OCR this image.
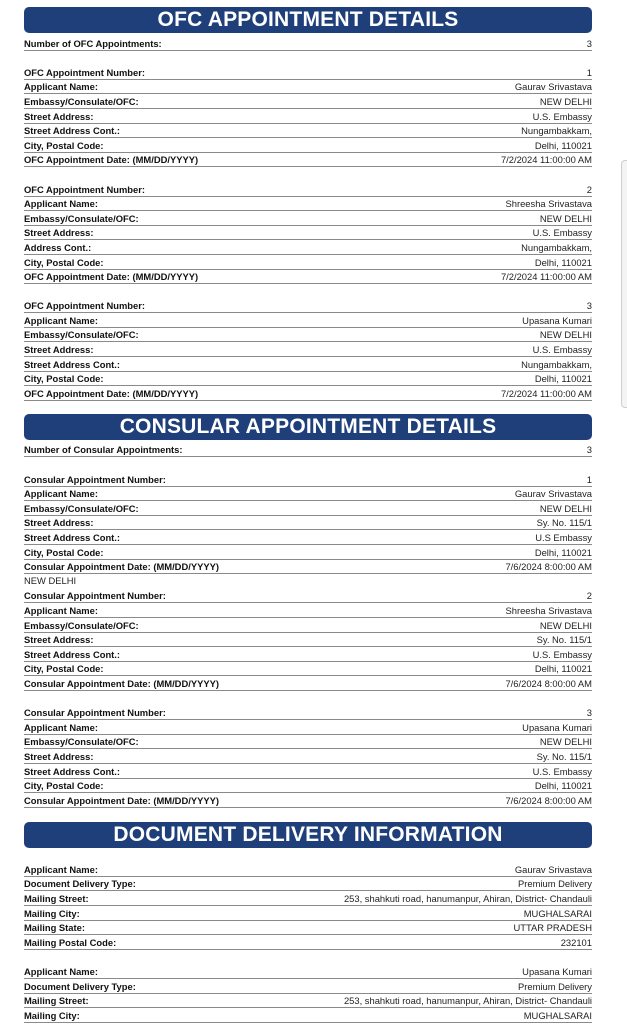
OFC APPOINTMENT DETAILS
Number of OFC Appointments:	3
OFC Appointment Number:	1
Applicant Name:	Gaurav Srivastava
Embassy/Consulate/OFC:	NEW DELHI
Street Address:	U.S. Embassy
Street Address Cont.:	Nungambakkam,
City, Postal Code:	Delhi, 110021
OFC Appointment Date: (MM/DD/YYYY)	7/2/2024 11:00:00 AM
OFC Appointment Number:	2
Applicant Name:	Shreesha Srivastava
Embassy/Consulate/OFC:	NEW DELHI
Street Address:	U.S. Embassy
Address Cont.:	Nungambakkam,
City, Postal Code:	Delhi, 110021
OFC Appointment Date: (MM/DD/YYYY)	7/2/2024 11:00:00 AM
OFC Appointment Number:	3
Applicant Name:	Upasana Kumari
Embassy/Consulate/OFC:	NEW DELHI
Street Address:	U.S. Embassy
Street Address Cont.:	Nungambakkam,
City, Postal Code:	Delhi, 110021
OFC Appointment Date: (MM/DD/YYYY)	7/2/2024 11:00:00 AM
CONSULAR APPOINTMENT DETAILS
Number of Consular Appointments:	3
Consular Appointment Number:	1
Applicant Name:	Gaurav Srivastava
Embassy/Consulate/OFC:	NEW DELHI
Street Address:	Sy. No. 115/1
Street Address Cont.:	U.S Embassy
City, Postal Code:	Delhi, 110021
Consular Appointment Date: (MM/DD/YYYY)	7/6/2024 8:00:00 AM
NEW DELHI
Consular Appointment Number:	2
Applicant Name:	Shreesha Srivastava
Embassy/Consulate/OFC:	NEW DELHI
Street Address:	Sy. No. 115/1
Street Address Cont.:	U.S. Embassy
City, Postal Code:	Delhi, 110021
Consular Appointment Date: (MM/DD/YYYY)	7/6/2024 8:00:00 AM
Consular Appointment Number:	3
Applicant Name:	Upasana Kumari
Embassy/Consulate/OFC:	NEW DELHI
Street Address:	Sy. No. 115/1
Street Address Cont.:	U.S. Embassy
City, Postal Code:	Delhi, 110021
Consular Appointment Date: (MM/DD/YYYY)	7/6/2024 8:00:00 AM
DOCUMENT DELIVERY INFORMATION
Applicant Name:	Gaurav Srivastava
Document Delivery Type:	Premium Delivery
Mailing Street:	253, shahkuti road, hanumanpur, Ahiran, District- Chandauli
Mailing City:	MUGHALSARAI
Mailing State:	UTTAR PRADESH
Mailing Postal Code:	232101
Applicant Name:	Upasana Kumari
Document Delivery Type:	Premium Delivery
Mailing Street:	253, shahkuti road, hanumanpur, Ahiran, District- Chandauli
Mailing City:	MUGHALSARAI
